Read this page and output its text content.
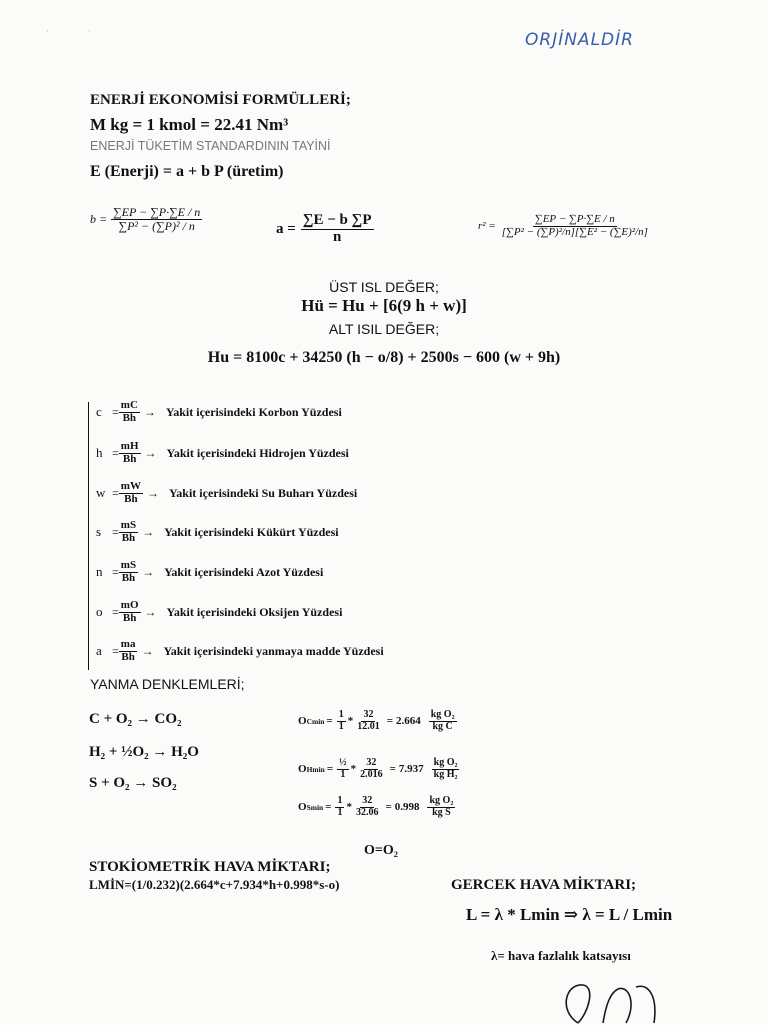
ORJİNALDİR
·	·
ENERJİ EKONOMİSİ FORMÜLLERİ;
M kg = 1 kmol = 22.41 Nm³
ENERJİ TÜKETİM STANDARDININ TAYİNİ
E (Enerji) = a + b P (üretim)
$b = \frac{\sum EP - \sum P\cdot\sum E / n}{\text{∑P² − (∑P)² / n}}$	$a = \frac{\sum E - b \sum P}{n}$	$r^2 = \frac{\sum EP - \sum P\cdot\sum E / n}{\text{[∑P² − (∑P)²/n][∑E² − (∑E)²/n]}}$
ÜST ISL DEĞER;
Hü = Hu + [6(9 h + w)]
ALT ISIL DEĞER;
Hu = 8100c + 34250 (h − o/8) + 2500s − 600 (w + 9h)
$c = \frac{mC}{Bh}$ → Yakit içerisindeki Korbon Yüzdesi
$h = \frac{mH}{Bh}$ → Yakit içerisindeki Hidrojen Yüzdesi
$w = \frac{mW}{Bh}$ → Yakit içerisindeki Su Buharı Yüzdesi
$s = \frac{mS}{Bh}$ → Yakit içerisindeki Kükürt Yüzdesi
$n = \frac{mS}{Bh}$ → Yakit içerisindeki Azot Yüzdesi
$o = \frac{mO}{Bh}$ → Yakit içerisindeki Oksijen Yüzdesi
$a = \frac{ma}{Bh}$ → Yakit içerisindeki yanmaya madde Yüzdesi
YANMA DENKLEMLERİ;
C + O₂ → CO₂
H₂ + ½O₂ → H₂O
S + O₂ → SO₂
O C $\min = \frac{1}{1} * \frac{32}{12.01} = 2.664 \frac{\text{kg O₂}}{\text{kg C}}$
O H $\min = \frac{\text{½}}{1} * \frac{32}{2.016} = 7.937 \frac{\text{kg O₂}}{\text{kg H₂}}$
O S $\min = \frac{1}{1} * \frac{32}{32.06} = 0.998 \frac{\text{kg O₂}}{\text{kg S}}$
O=O₂
STOKİOMETRİK HAVA MİKTARI;
LMİN=(1/0.232)(2.664*c+7.934*h+0.998*s-o)	GERCEK HAVA MİKTARI;
L = λ * Lmin ⇒ λ = L / Lmin
λ= hava fazlalık katsayısı
